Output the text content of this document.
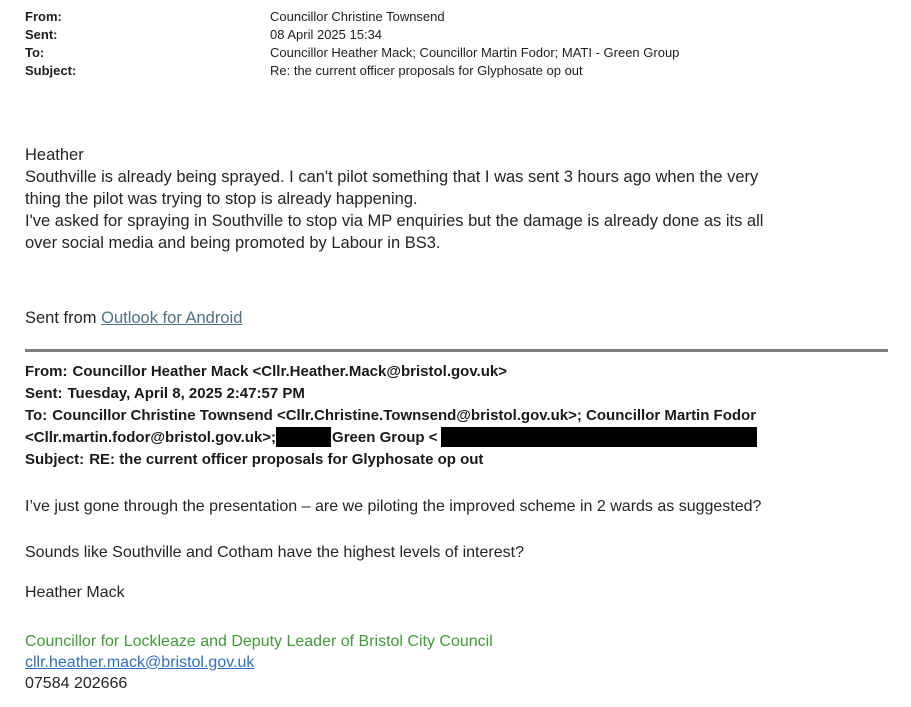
From:	Councillor Christine Townsend
Sent:	08 April 2025 15:34
To:	Councillor Heather Mack; Councillor Martin Fodor; MATI - Green Group
Subject:	Re: the current officer proposals for Glyphosate op out
Heather
Southville is already being sprayed. I can't pilot something that I was sent 3 hours ago when the very
thing the pilot was trying to stop is already happening.
I've asked for spraying in Southville to stop via MP enquiries but the damage is already done as its all
over social media and being promoted by Labour in BS3.

Sent from Outlook for Android

From: Councillor Heather Mack <Cllr.Heather.Mack@bristol.gov.uk>
Sent: Tuesday, April 8, 2025 2:47:57 PM
To: Councillor Christine Townsend <Cllr.Christine.Townsend@bristol.gov.uk>; Councillor Martin Fodor
<Cllr.martin.fodor@bristol.gov.uk>;	Green Group <
Subject: RE: the current officer proposals for Glyphosate op out

I’ve just gone through the presentation – are we piloting the improved scheme in 2 wards as suggested?

Sounds like Southville and Cotham have the highest levels of interest?

Heather Mack

Councillor for Lockleaze and Deputy Leader of Bristol City Council
cllr.heather.mack@bristol.gov.uk
07584 202666
